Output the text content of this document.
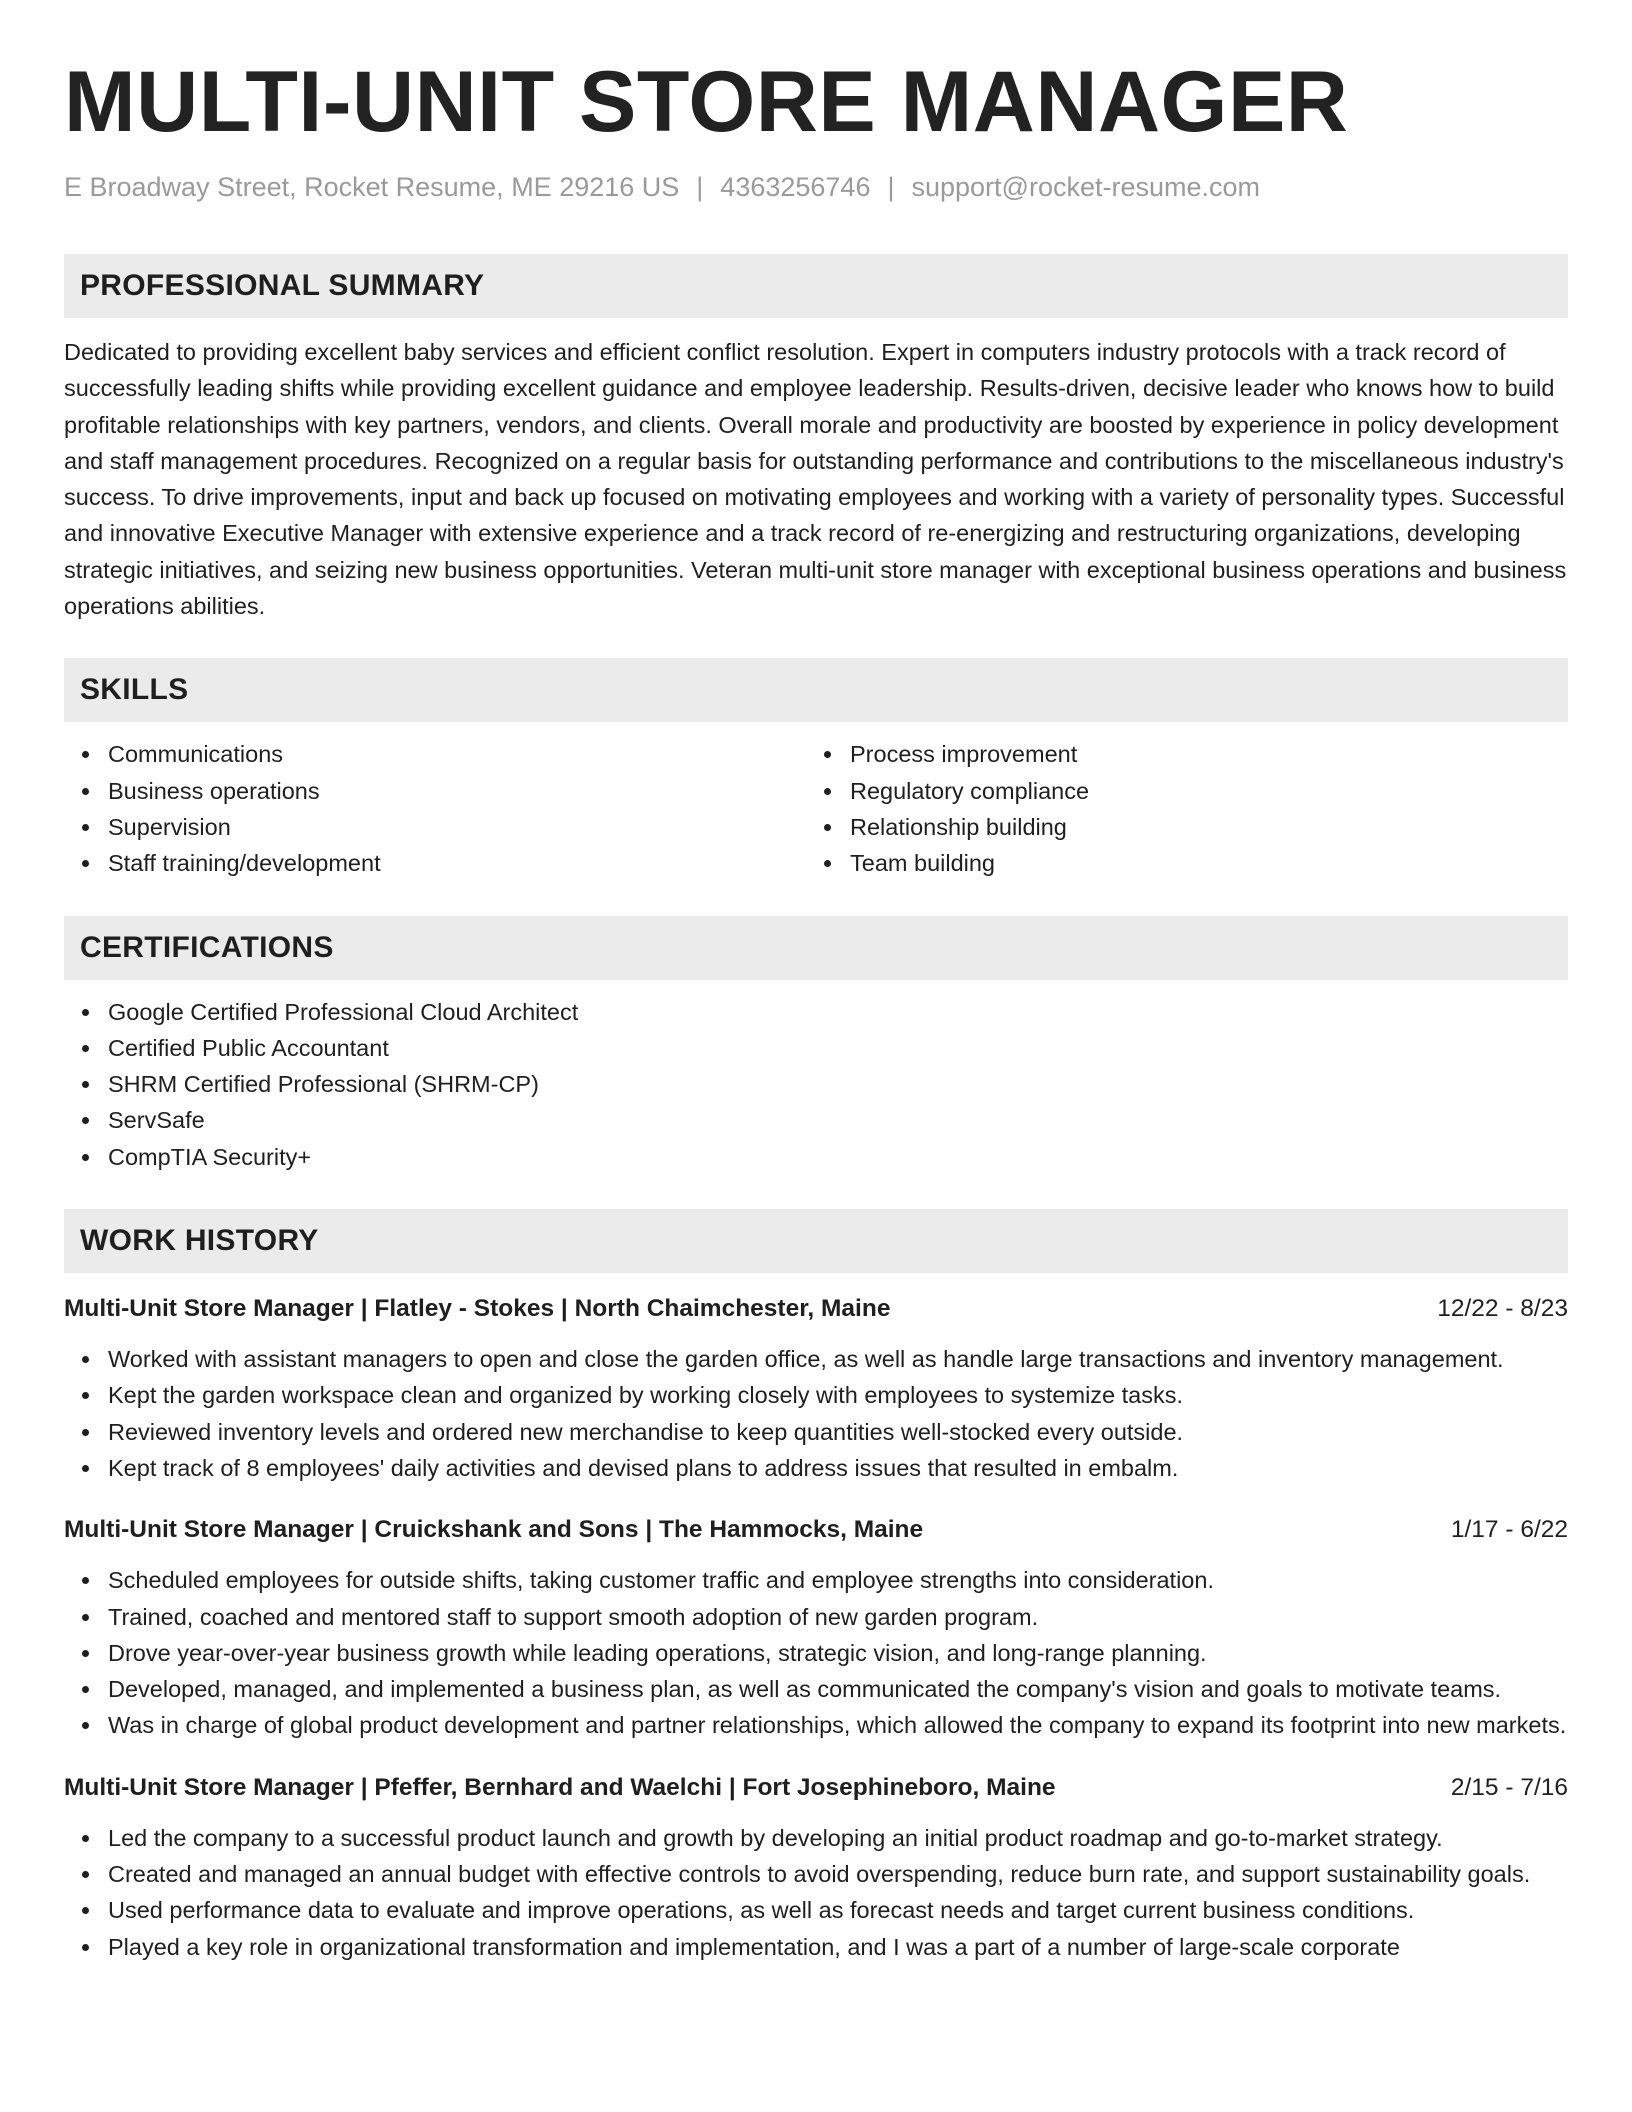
MULTI-UNIT STORE MANAGER
E Broadway Street, Rocket Resume, ME 29216 US | 4363256746 | support@rocket-resume.com
PROFESSIONAL SUMMARY
Dedicated to providing excellent baby services and efficient conflict resolution. Expert in computers industry protocols with a track record of successfully leading shifts while providing excellent guidance and employee leadership. Results-driven, decisive leader who knows how to build profitable relationships with key partners, vendors, and clients. Overall morale and productivity are boosted by experience in policy development and staff management procedures. Recognized on a regular basis for outstanding performance and contributions to the miscellaneous industry's success. To drive improvements, input and back up focused on motivating employees and working with a variety of personality types. Successful and innovative Executive Manager with extensive experience and a track record of re-energizing and restructuring organizations, developing strategic initiatives, and seizing new business opportunities. Veteran multi-unit store manager with exceptional business operations and business operations abilities.
SKILLS
Communications
Business operations
Supervision
Staff training/development
Process improvement
Regulatory compliance
Relationship building
Team building
CERTIFICATIONS
Google Certified Professional Cloud Architect
Certified Public Accountant
SHRM Certified Professional (SHRM-CP)
ServSafe
CompTIA Security+
WORK HISTORY
Multi-Unit Store Manager | Flatley - Stokes | North Chaimchester, Maine	12/22 - 8/23
Worked with assistant managers to open and close the garden office, as well as handle large transactions and inventory management.
Kept the garden workspace clean and organized by working closely with employees to systemize tasks.
Reviewed inventory levels and ordered new merchandise to keep quantities well-stocked every outside.
Kept track of 8 employees' daily activities and devised plans to address issues that resulted in embalm.
Multi-Unit Store Manager | Cruickshank and Sons | The Hammocks, Maine	1/17 - 6/22
Scheduled employees for outside shifts, taking customer traffic and employee strengths into consideration.
Trained, coached and mentored staff to support smooth adoption of new garden program.
Drove year-over-year business growth while leading operations, strategic vision, and long-range planning.
Developed, managed, and implemented a business plan, as well as communicated the company's vision and goals to motivate teams.
Was in charge of global product development and partner relationships, which allowed the company to expand its footprint into new markets.
Multi-Unit Store Manager | Pfeffer, Bernhard and Waelchi | Fort Josephineboro, Maine	2/15 - 7/16
Led the company to a successful product launch and growth by developing an initial product roadmap and go-to-market strategy.
Created and managed an annual budget with effective controls to avoid overspending, reduce burn rate, and support sustainability goals.
Used performance data to evaluate and improve operations, as well as forecast needs and target current business conditions.
Played a key role in organizational transformation and implementation, and I was a part of a number of large-scale corporate
